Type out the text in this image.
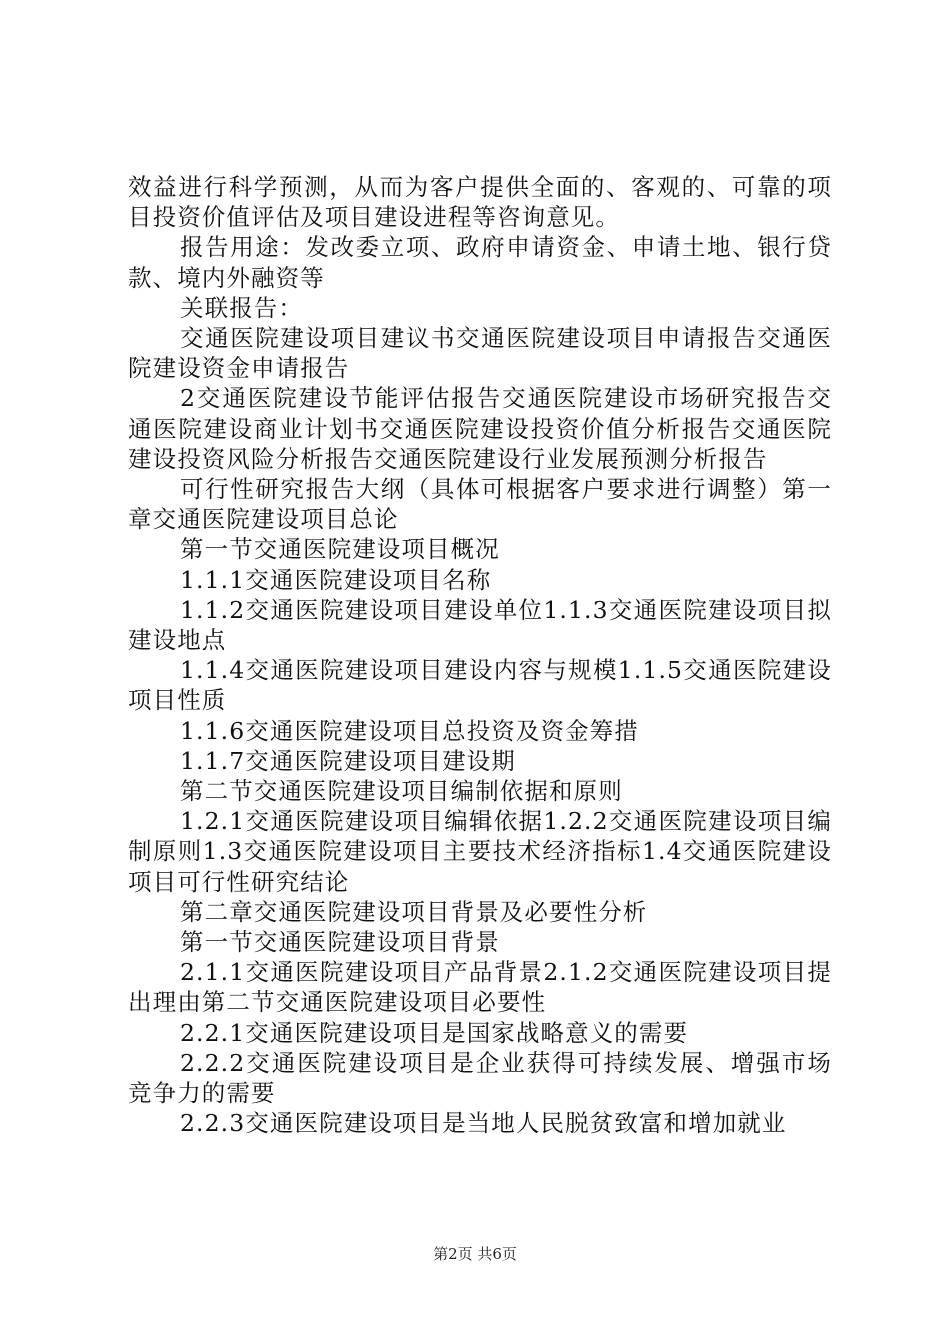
效益进行科学预测，从而为客户提供全面的、客观的、可靠的项目投资价值评估及项目建设进程等咨询意见。

报告用途：发改委立项、政府申请资金、申请土地、银行贷款、境内外融资等

关联报告：

交通医院建设项目建议书交通医院建设项目申请报告交通医院建设资金申请报告

2交通医院建设节能评估报告交通医院建设市场研究报告交通医院建设商业计划书交通医院建设投资价值分析报告交通医院建设投资风险分析报告交通医院建设行业发展预测分析报告

可行性研究报告大纲（具体可根据客户要求进行调整）第一章交通医院建设项目总论

第一节交通医院建设项目概况

1.1.1交通医院建设项目名称

1.1.2交通医院建设项目建设单位1.1.3交通医院建设项目拟建设地点

1.1.4交通医院建设项目建设内容与规模1.1.5交通医院建设项目性质

1.1.6交通医院建设项目总投资及资金筹措

1.1.7交通医院建设项目建设期

第二节交通医院建设项目编制依据和原则

1.2.1交通医院建设项目编辑依据1.2.2交通医院建设项目编制原则1.3交通医院建设项目主要技术经济指标1.4交通医院建设项目可行性研究结论

第二章交通医院建设项目背景及必要性分析

第一节交通医院建设项目背景

2.1.1交通医院建设项目产品背景2.1.2交通医院建设项目提出理由第二节交通医院建设项目必要性

2.2.1交通医院建设项目是国家战略意义的需要

2.2.2交通医院建设项目是企业获得可持续发展、增强市场竞争力的需要

2.2.3交通医院建设项目是当地人民脱贫致富和增加就业

第2页 共6页
